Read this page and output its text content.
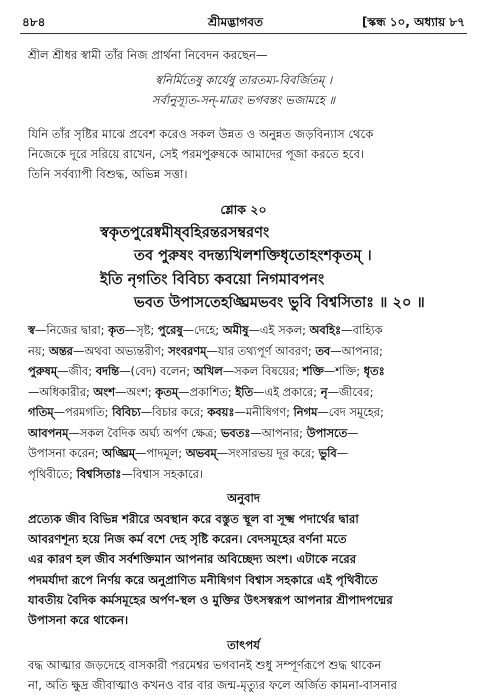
৪৮৪	শ্রীমদ্ভাগবত	[স্কন্ধ ১০, অধ্যায় ৮৭
শ্রীল শ্রীধর স্বামী তাঁর নিজ প্রার্থনা নিবেদন করছেন—
স্বনির্মিতেষু কার্যেষু তারতম্য-বিবর্জিতম্ ।
সর্বানুস্যূত-সন্-মাত্রং ভগবন্তং ভজামহে ॥
যিনি তাঁর সৃষ্টির মাঝে প্রবেশ করেও সকল উন্নত ও অনুন্নত জড়বিন্যাস থেকে
নিজেকে দূরে সরিয়ে রাখেন, সেই পরমপুরুষকে আমাদের পূজা করতে হবে।
তিনি সর্বব্যাপী বিশুদ্ধ, অভিন্ন সত্তা।
শ্লোক ২০
স্বকৃতপুরেষ্বমীষ্‌বহিরন্তরসম্বরণং
তব পুরুষং বদন্ত্যখিলশক্তিধৃতোহংশকৃতম্ ।
ইতি নৃগতিং বিবিচ্য কবয়ো নিগমাবপনং
ভবত উপাসতেহঙ্ঘ্রিমভবং ভুবি বিশ্বসিতাঃ ॥ ২০ ॥
স্ব—নিজের দ্বারা; কৃত—সৃষ্ট; পুরেষু—দেহে; অমীষু—এই সকল; অবহিঃ—বাহ্যিক
নয়; অন্তর—অথবা অভ্যন্তরীণ; সংবরণম্—যার তথ্যপূর্ণ আবরণ; তব—আপনার;
পুরুষম্—জীব; বদন্তি—(বেদ) বলেন; অখিল—সকল বিষয়ের; শক্তি—শক্তি; ধৃতঃ
—অধিকারীর; অংশ—অংশ; কৃতম্—প্রকাশিত; ইতি—এই প্রকারে; নৃ—জীবের;
গতিম্—পরমগতি; বিবিচ্য—বিচার করে; কবয়ঃ—মনীষিগণ; নিগম—বেদ সমূহের;
আবপনম্—সকল বৈদিক অর্ঘ্য অর্পণ ক্ষেত্র; ভবতঃ—আপনার; উপাসতে—
উপাসনা করেন; অঙ্ঘ্রিম্—পাদমূল; অভবম্—সংসারভয় দূর করে; ভুবি—
পৃথিবীতে; বিশ্বসিতাঃ—বিশ্বাস সহকারে।
অনুবাদ
প্রত্যেক জীব বিভিন্ন শরীরে অবস্থান করে বস্তুত স্থূল বা সূক্ষ্ম পদার্থের দ্বারা
আবরণশূন্য হয়ে নিজ কর্ম বশে দেহ সৃষ্টি করেন। বেদসমূহের বর্ণনা মতে
এর কারণ হল জীব সর্বশক্তিমান আপনার অবিচ্ছেদ্য অংশ। এটাকে নরের
পদমর্যাদা রূপে নির্ণয় করে অনুপ্রাণিত মনীষিগণ বিশ্বাস সহকারে এই পৃথিবীতে
যাবতীয় বৈদিক কর্মসমূহের অর্পণ-স্থল ও মুক্তির উৎসস্বরূপ আপনার শ্রীপাদপদ্মের
উপাসনা করে থাকেন।
তাৎপর্য
বদ্ধ আত্মার জড়দেহে বাসকারী পরমেশ্বর ভগবানই শুধু সম্পূর্ণরূপে শুদ্ধ থাকেন
না, অতি ক্ষুদ্র জীবাত্মাও কখনও বার বার জন্ম-মৃত্যুর ফলে অর্জিত কামনা-বাসনার
